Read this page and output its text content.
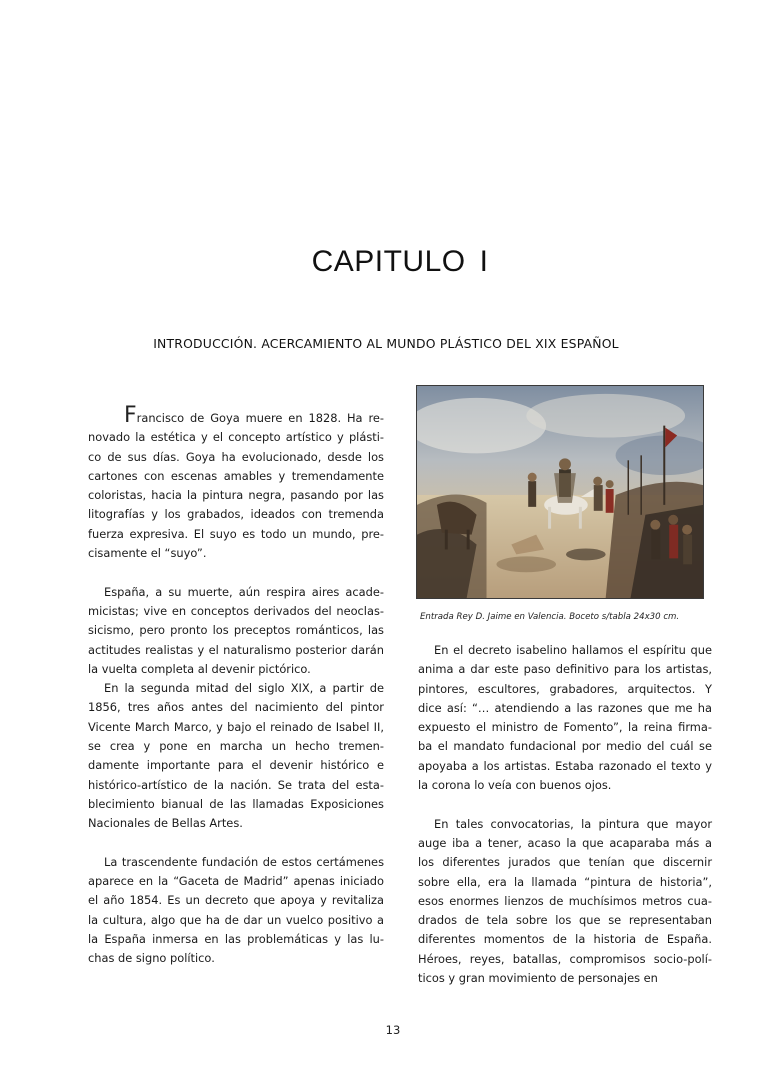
CAPITULO I
INTRODUCCIÓN. ACERCAMIENTO AL MUNDO PLÁSTICO DEL XIX ESPAÑOL

Francisco de Goya muere en 1828. Ha re-novado la estética y el concepto artístico y plásti-co de sus días. Goya ha evolucionado, desde los cartones con escenas amables y tremendamente coloristas, hacia la pintura negra, pasando por las litografías y los grabados, ideados con tremenda fuerza expresiva. El suyo es todo un mundo, pre-cisamente el “suyo”.

España, a su muerte, aún respira aires acade-micistas; vive en conceptos derivados del neoclas-sicismo, pero pronto los preceptos románticos, las actitudes realistas y el naturalismo posterior darán la vuelta completa al devenir pictórico.

En la segunda mitad del siglo XIX, a partir de 1856, tres años antes del nacimiento del pintor Vicente March Marco, y bajo el reinado de Isabel II, se crea y pone en marcha un hecho tremen-damente importante para el devenir histórico e histórico-artístico de la nación. Se trata del esta-blecimiento bianual de las llamadas Exposiciones Nacionales de Bellas Artes.

La trascendente fundación de estos certámenes aparece en la “Gaceta de Madrid” apenas iniciado el año 1854. Es un decreto que apoya y revitaliza la cultura, algo que ha de dar un vuelco positivo a la España inmersa en las problemáticas y las lu-chas de signo político.

Entrada Rey D. Jaime en Valencia. Boceto s/tabla 24x30 cm.

En el decreto isabelino hallamos el espíritu que anima a dar este paso definitivo para los artistas, pintores, escultores, grabadores, arquitectos. Y dice así: “… atendiendo a las razones que me ha expuesto el ministro de Fomento”, la reina firma-ba el mandato fundacional por medio del cuál se apoyaba a los artistas. Estaba razonado el texto y la corona lo veía con buenos ojos.

En tales convocatorias, la pintura que mayor auge iba a tener, acaso la que acaparaba más a los diferentes jurados que tenían que discernir sobre ella, era la llamada “pintura de historia”, esos enormes lienzos de muchísimos metros cua-drados de tela sobre los que se representaban diferentes momentos de la historia de España. Héroes, reyes, batallas, compromisos socio-polí-ticos y gran movimiento de personajes en

13
